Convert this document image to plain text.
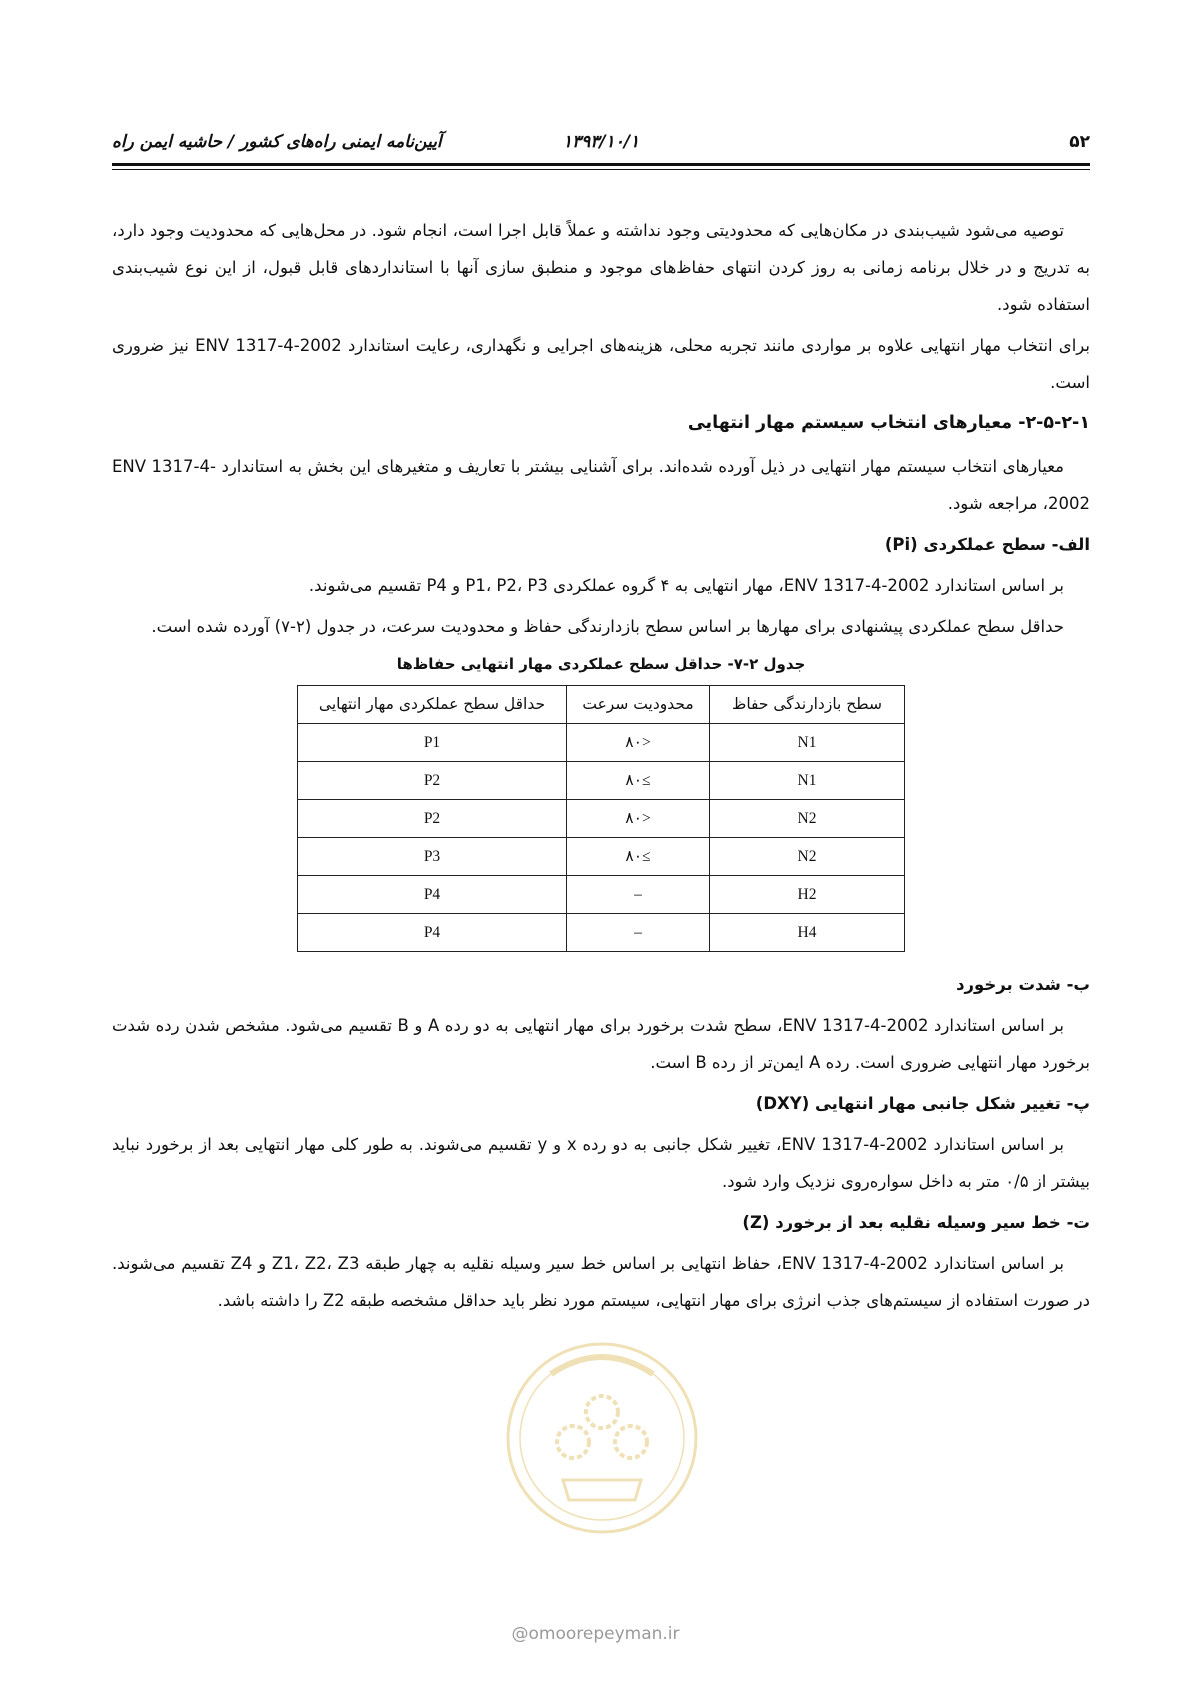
۵۲
۱۳۹۳/۱۰/۱
آیین‌نامه ایمنی راه‌های کشور / حاشیه ایمن راه

توصیه می‌شود شیب‌بندی در مکان‌هایی که محدودیتی وجود نداشته و عملاً قابل اجرا است، انجام شود. در محل‌هایی که محدودیت وجود دارد، به تدریج و در خلال برنامه زمانی به روز کردن انتهای حفاظ‌های موجود و منطبق سازی آنها با استانداردهای قابل قبول، از این نوع شیب‌بندی استفاده شود.

برای انتخاب مهار انتهایی علاوه بر مواردی مانند تجربه محلی، هزینه‌های اجرایی و نگهداری، رعایت استاندارد ENV 1317-4-2002 نیز ضروری است.

۲-۵-۲-۱- معیارهای انتخاب سیستم مهار انتهایی

معیارهای انتخاب سیستم مهار انتهایی در ذیل آورده شده‌اند. برای آشنایی بیشتر با تعاریف و متغیرهای این بخش به استاندارد ENV 1317-4-2002، مراجعه شود.

الف- سطح عملکردی (Pi)

بر اساس استاندارد ENV 1317-4-2002، مهار انتهایی به ۴ گروه عملکردی P1، P2، P3 و P4 تقسیم می‌شوند.

حداقل سطح عملکردی پیشنهادی برای مهارها بر اساس سطح بازدارندگی حفاظ و محدودیت سرعت، در جدول (۲-۷) آورده شده است.

جدول ۲-۷- حداقل سطح عملکردی مهار انتهایی حفاظ‌ها

سطح بازدارندگی حفاظ	محدودیت سرعت	حداقل سطح عملکردی مهار انتهایی
N1	<۸۰	P1
N1	≥۸۰	P2
N2	<۸۰	P2
N2	≥۸۰	P3
H2	–	P4
H4	–	P4

ب- شدت برخورد

بر اساس استاندارد ENV 1317-4-2002، سطح شدت برخورد برای مهار انتهایی به دو رده A و B تقسیم می‌شود. مشخص شدن رده شدت برخورد مهار انتهایی ضروری است. رده A ایمن‌تر از رده B است.

پ- تغییر شکل جانبی مهار انتهایی (DXY)

بر اساس استاندارد ENV 1317-4-2002، تغییر شکل جانبی به دو رده x و y تقسیم می‌شوند. به طور کلی مهار انتهایی بعد از برخورد نباید بیشتر از ۰/۵ متر به داخل سواره‌روی نزدیک وارد شود.

ت- خط سیر وسیله نقلیه بعد از برخورد (Z)

بر اساس استاندارد ENV 1317-4-2002، حفاظ انتهایی بر اساس خط سیر وسیله نقلیه به چهار طبقه Z1، Z2، Z3 و Z4 تقسیم می‌شوند. در صورت استفاده از سیستم‌های جذب انرژی برای مهار انتهایی، سیستم مورد نظر باید حداقل مشخصه طبقه Z2 را داشته باشد.

@omoorepeyman.ir
